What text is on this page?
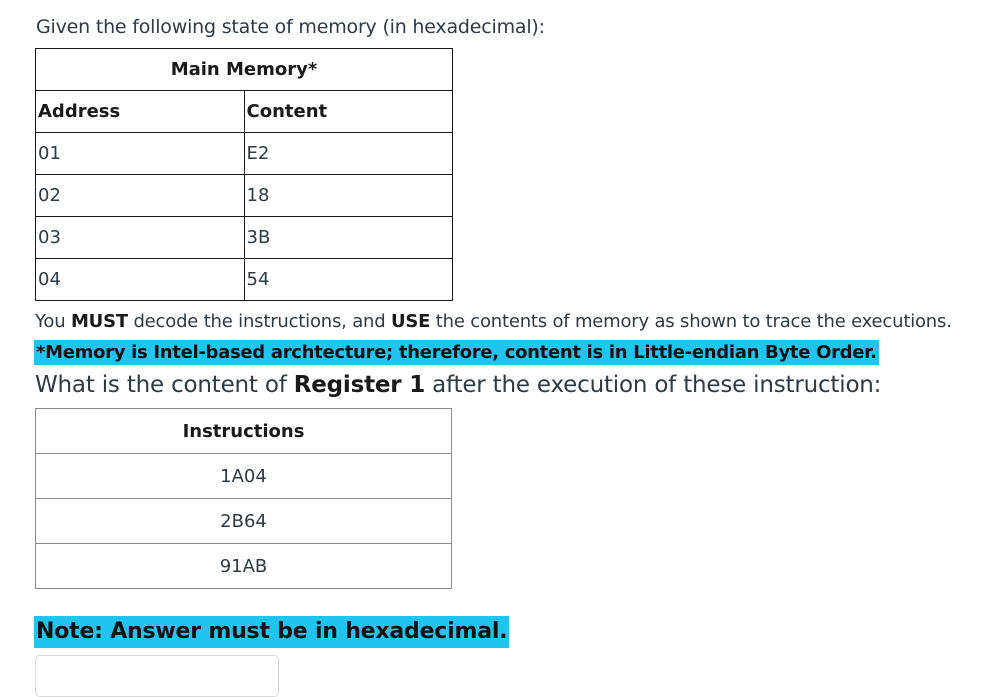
Given the following state of memory (in hexadecimal):
Main Memory*	
Address	Content
01	E2
02	18
03	3B
04	54
You MUST decode the instructions, and USE the contents of memory as shown to trace the executions.
*Memory is Intel-based archtecture; therefore, content is in Little-endian Byte Order.
What is the content of Register 1 after the execution of these instruction:
Instructions
1A04
2B64
91AB
Note: Answer must be in hexadecimal.
